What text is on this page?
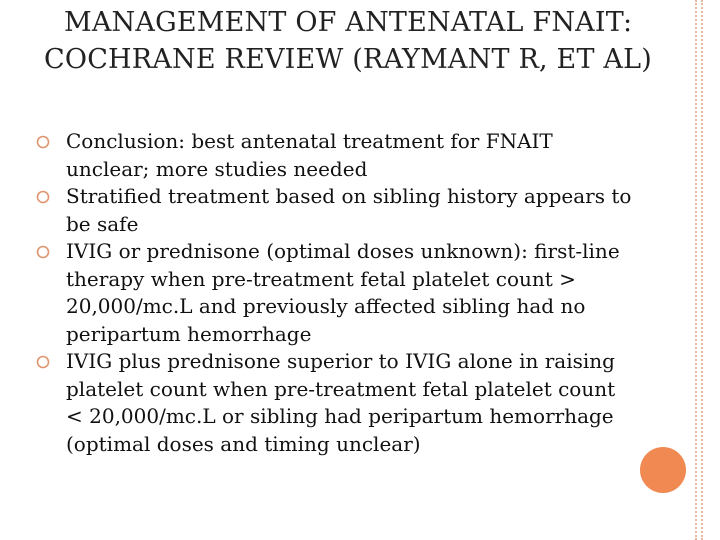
MANAGEMENT OF ANTENATAL FNAIT: COCHRANE REVIEW (RAYMANT R, ET AL)
Conclusion: best antenatal treatment for FNAIT unclear; more studies needed
Stratified treatment based on sibling history appears to be safe
IVIG or prednisone (optimal doses unknown): first-line therapy when pre-treatment fetal platelet count > 20,000/mc.L and previously affected sibling had no peripartum hemorrhage
IVIG plus prednisone superior to IVIG alone in raising platelet count when pre-treatment fetal platelet count < 20,000/mc.L or sibling had peripartum hemorrhage (optimal doses and timing unclear)
